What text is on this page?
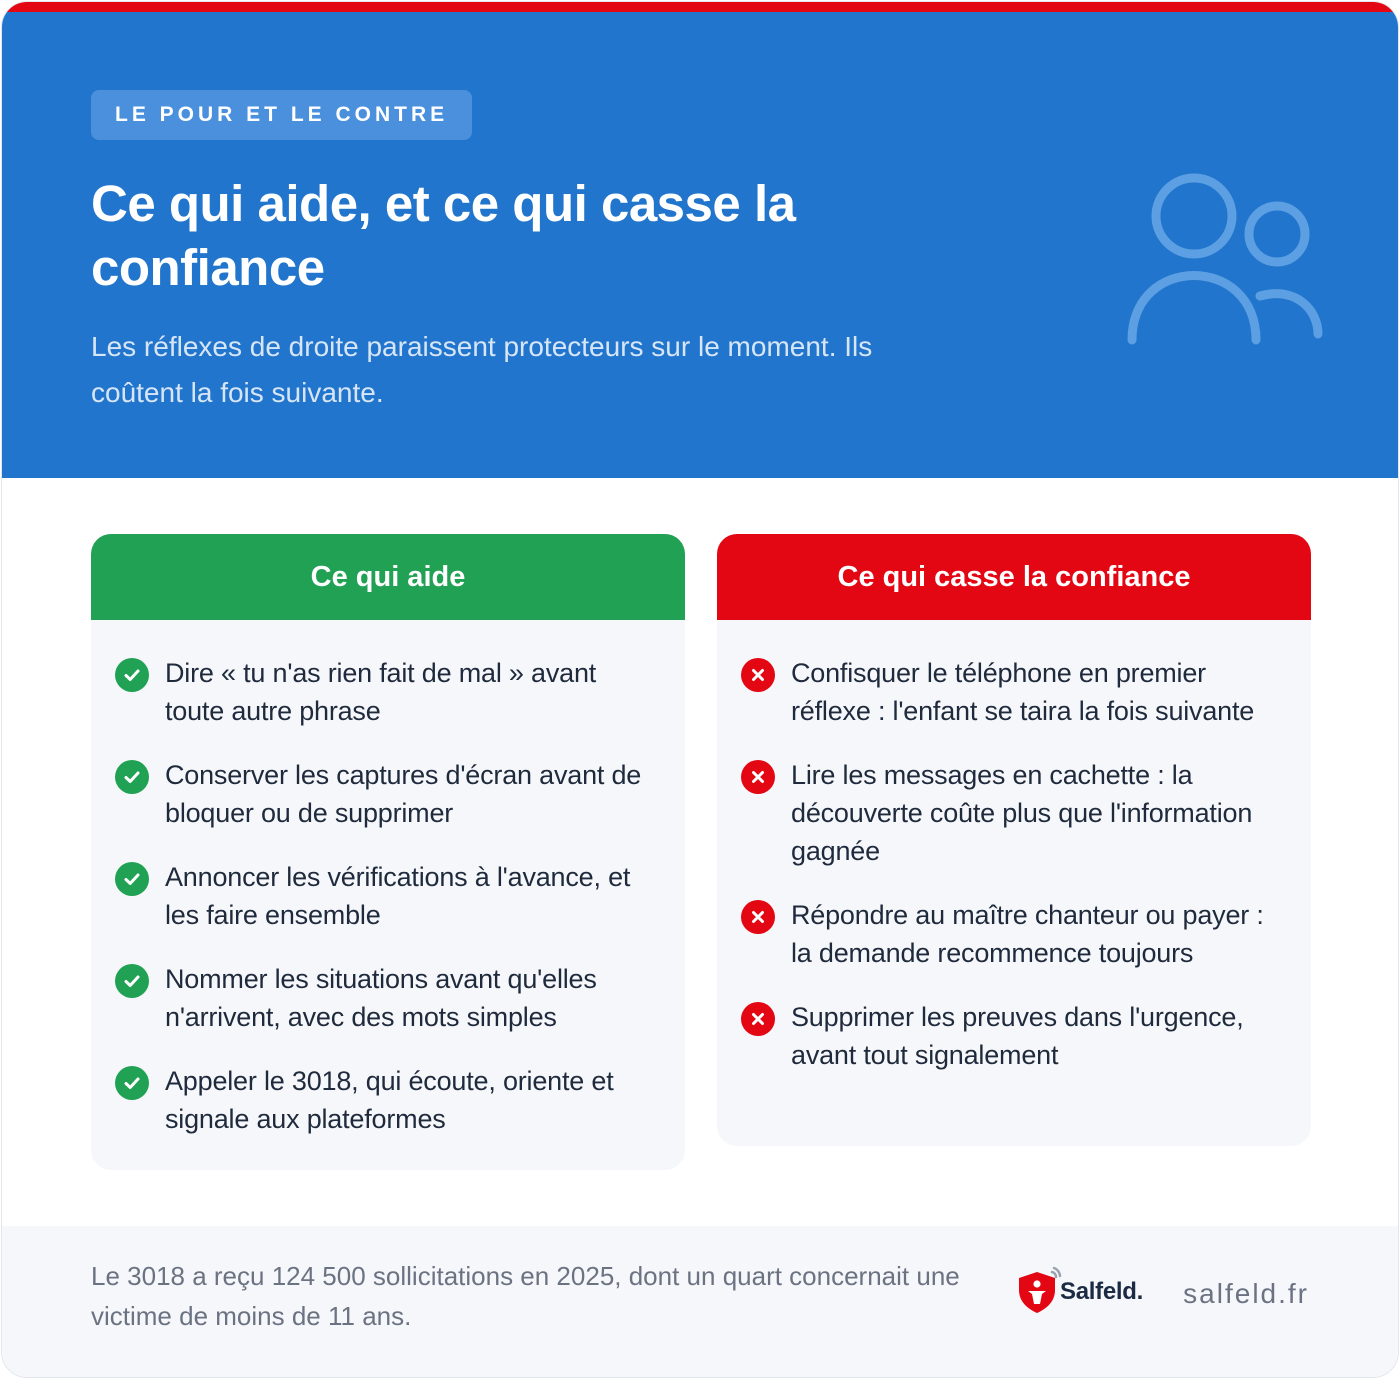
LE POUR ET LE CONTRE
Ce qui aide, et ce qui casse la confiance

Les réflexes de droite paraissent protecteurs sur le moment. Ils coûtent la fois suivante.

Ce qui aide
Dire « tu n'as rien fait de mal » avant toute autre phrase
Conserver les captures d'écran avant de bloquer ou de supprimer
Annoncer les vérifications à l'avance, et les faire ensemble
Nommer les situations avant qu'elles n'arrivent, avec des mots simples
Appeler le 3018, qui écoute, oriente et signale aux plateformes
Ce qui casse la confiance
Confisquer le téléphone en premier réflexe : l'enfant se taira la fois suivante
Lire les messages en cachette : la découverte coûte plus que l'information gagnée
Répondre au maître chanteur ou payer : la demande recommence toujours
Supprimer les preuves dans l'urgence, avant tout signalement

Le 3018 a reçu 124 500 sollicitations en 2025, dont un quart concernait une victime de moins de 11 ans.

Salfeld. salfeld.fr
